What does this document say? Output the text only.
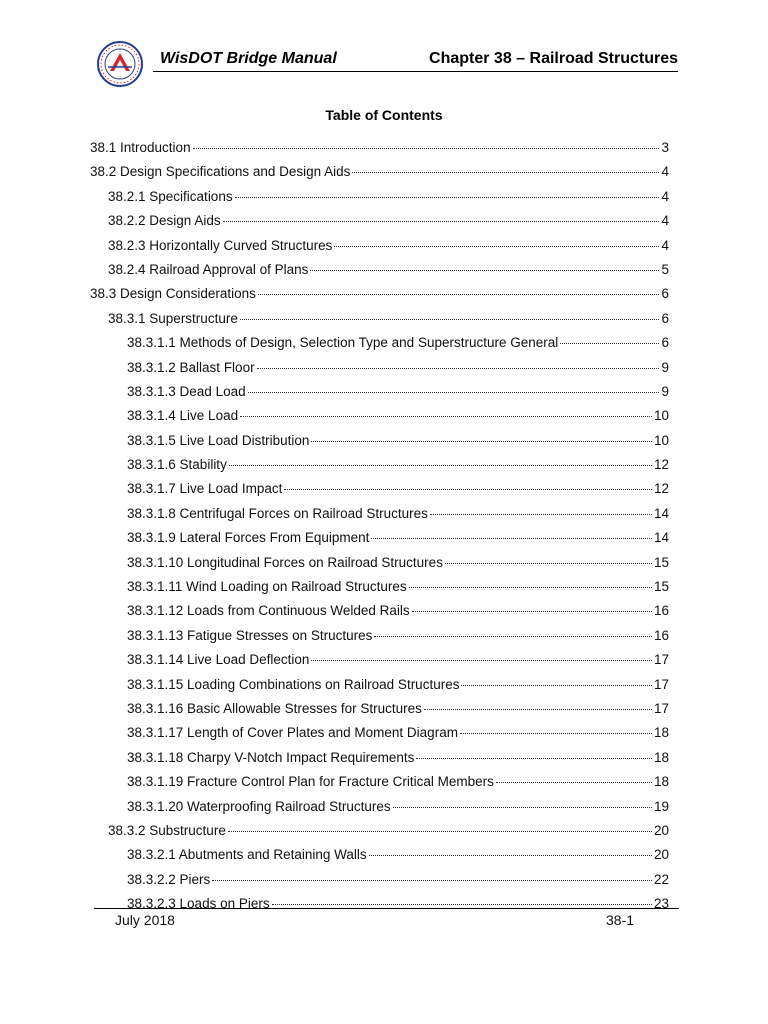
WisDOT Bridge Manual	Chapter 38 – Railroad Structures
Table of Contents
38.1 Introduction	3
38.2 Design Specifications and Design Aids	4
38.2.1 Specifications	4
38.2.2 Design Aids	4
38.2.3 Horizontally Curved Structures	4
38.2.4 Railroad Approval of Plans	5
38.3 Design Considerations	6
38.3.1 Superstructure	6
38.3.1.1 Methods of Design, Selection Type and Superstructure General	6
38.3.1.2 Ballast Floor	9
38.3.1.3 Dead Load	9
38.3.1.4 Live Load	10
38.3.1.5 Live Load Distribution	10
38.3.1.6 Stability	12
38.3.1.7 Live Load Impact	12
38.3.1.8 Centrifugal Forces on Railroad Structures	14
38.3.1.9 Lateral Forces From Equipment	14
38.3.1.10 Longitudinal Forces on Railroad Structures	15
38.3.1.11 Wind Loading on Railroad Structures	15
38.3.1.12 Loads from Continuous Welded Rails	16
38.3.1.13 Fatigue Stresses on Structures	16
38.3.1.14 Live Load Deflection	17
38.3.1.15 Loading Combinations on Railroad Structures	17
38.3.1.16 Basic Allowable Stresses for Structures	17
38.3.1.17 Length of Cover Plates and Moment Diagram	18
38.3.1.18 Charpy V-Notch Impact Requirements	18
38.3.1.19 Fracture Control Plan for Fracture Critical Members	18
38.3.1.20 Waterproofing Railroad Structures	19
38.3.2 Substructure	20
38.3.2.1 Abutments and Retaining Walls	20
38.3.2.2 Piers	22
38.3.2.3 Loads on Piers	23
July 2018	38-1
